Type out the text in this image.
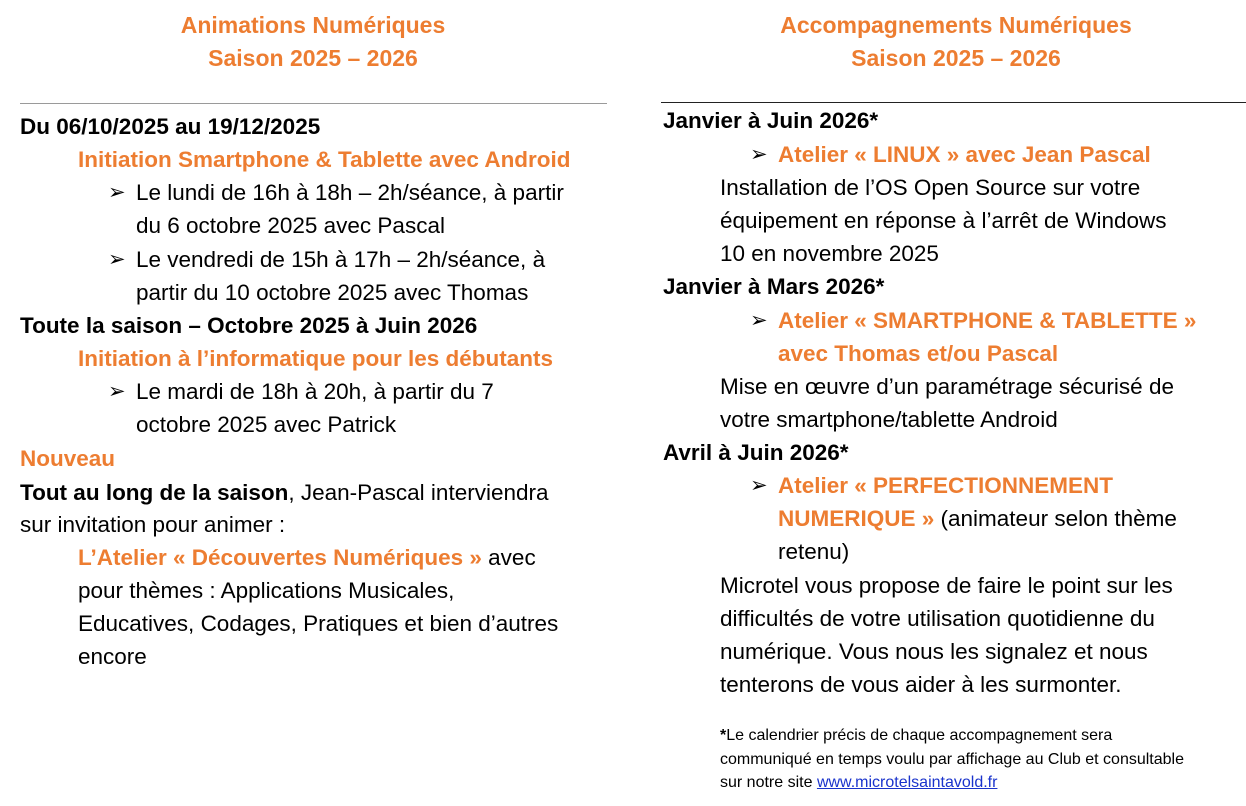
Animations Numériques
Saison 2025 – 2026
Du 06/10/2025 au 19/12/2025
Initiation Smartphone & Tablette avec Android
➢ Le lundi de 16h à 18h – 2h/séance, à partir
du 6 octobre 2025 avec Pascal
➢ Le vendredi de 15h à 17h – 2h/séance, à
partir du 10 octobre 2025 avec Thomas
Toute la saison – Octobre 2025 à Juin 2026
Initiation à l’informatique pour les débutants
➢ Le mardi de 18h à 20h, à partir du 7
octobre 2025 avec Patrick
Nouveau
Tout au long de la saison, Jean-Pascal interviendra
sur invitation pour animer :
L’Atelier « Découvertes Numériques » avec
pour thèmes : Applications Musicales,
Educatives, Codages, Pratiques et bien d’autres
encore
Accompagnements Numériques
Saison 2025 – 2026
Janvier à Juin 2026*
➢ Atelier « LINUX » avec Jean Pascal
Installation de l’OS Open Source sur votre
équipement en réponse à l’arrêt de Windows
10 en novembre 2025
Janvier à Mars 2026*
➢ Atelier « SMARTPHONE & TABLETTE »
avec Thomas et/ou Pascal
Mise en œuvre d’un paramétrage sécurisé de
votre smartphone/tablette Android
Avril à Juin 2026*
➢ Atelier « PERFECTIONNEMENT
NUMERIQUE » (animateur selon thème
retenu)
Microtel vous propose de faire le point sur les
difficultés de votre utilisation quotidienne du
numérique. Vous nous les signalez et nous
tenterons de vous aider à les surmonter.
*Le calendrier précis de chaque accompagnement sera
communiqué en temps voulu par affichage au Club et consultable
sur notre site www.microtelsaintavold.fr
